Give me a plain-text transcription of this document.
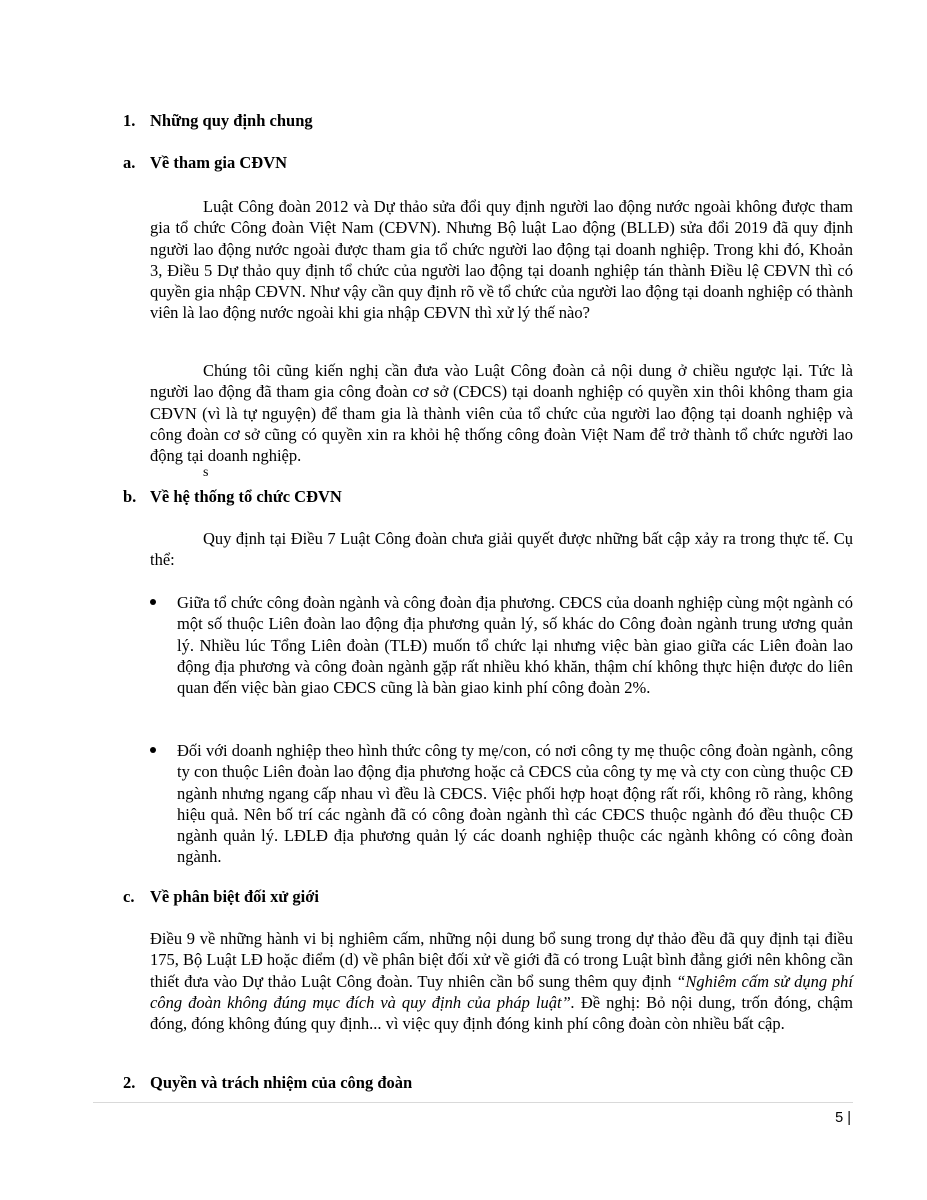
1. Những quy định chung
a. Về tham gia CĐVN

Luật Công đoàn 2012 và Dự thảo sửa đổi quy định người lao động nước ngoài không được tham gia tổ chức Công đoàn Việt Nam (CĐVN). Nhưng Bộ luật Lao động (BLLĐ) sửa đổi 2019 đã quy định người lao động nước ngoài được tham gia tổ chức người lao động tại doanh nghiệp. Trong khi đó, Khoản 3, Điều 5 Dự thảo quy định tổ chức của người lao động tại doanh nghiệp tán thành Điều lệ CĐVN thì có quyền gia nhập CĐVN. Như vậy cần quy định rõ về tổ chức của người lao động tại doanh nghiệp có thành viên là lao động nước ngoài khi gia nhập CĐVN thì xử lý thế nào?

Chúng tôi cũng kiến nghị cần đưa vào Luật Công đoàn cả nội dung ở chiều ngược lại. Tức là người lao động đã tham gia công đoàn cơ sở (CĐCS) tại doanh nghiệp có quyền xin thôi không tham gia CĐVN (vì là tự nguyện) để tham gia là thành viên của tổ chức của người lao động tại doanh nghiệp và công đoàn cơ sở cũng có quyền xin ra khỏi hệ thống công đoàn Việt Nam để trở thành tổ chức người lao động tại doanh nghiệp.

s
b. Về hệ thống tổ chức CĐVN

Quy định tại Điều 7 Luật Công đoàn chưa giải quyết được những bất cập xảy ra trong thực tế. Cụ thể:

Giữa tổ chức công đoàn ngành và công đoàn địa phương. CĐCS của doanh nghiệp cùng một ngành có một số thuộc Liên đoàn lao động địa phương quản lý, số khác do Công đoàn ngành trung ương quản lý. Nhiều lúc Tổng Liên đoàn (TLĐ) muốn tổ chức lại nhưng việc bàn giao giữa các Liên đoàn lao động địa phương và công đoàn ngành gặp rất nhiều khó khăn, thậm chí không thực hiện được do liên quan đến việc bàn giao CĐCS cũng là bàn giao kinh phí công đoàn 2%.
Đối với doanh nghiệp theo hình thức công ty mẹ/con, có nơi công ty mẹ thuộc công đoàn ngành, công ty con thuộc Liên đoàn lao động địa phương hoặc cả CĐCS của công ty mẹ và cty con cùng thuộc CĐ ngành nhưng ngang cấp nhau vì đều là CĐCS. Việc phối hợp hoạt động rất rối, không rõ ràng, không hiệu quả. Nên bố trí các ngành đã có công đoàn ngành thì các CĐCS thuộc ngành đó đều thuộc CĐ ngành quản lý. LĐLĐ địa phương quản lý các doanh nghiệp thuộc các ngành không có công đoàn ngành.
c. Về phân biệt đối xử giới

Điều 9 về những hành vi bị nghiêm cấm, những nội dung bổ sung trong dự thảo đều đã quy định tại điều 175, Bộ Luật LĐ hoặc điểm (d) về phân biệt đối xử về giới đã có trong Luật bình đẳng giới nên không cần thiết đưa vào Dự thảo Luật Công đoàn. Tuy nhiên cần bổ sung thêm quy định “Nghiêm cấm sử dụng phí công đoàn không đúng mục đích và quy định của pháp luật”. Đề nghị: Bỏ nội dung, trốn đóng, chậm đóng, đóng không đúng quy định... vì việc quy định đóng kinh phí công đoàn còn nhiều bất cập.

2. Quyền và trách nhiệm của công đoàn
5 |
